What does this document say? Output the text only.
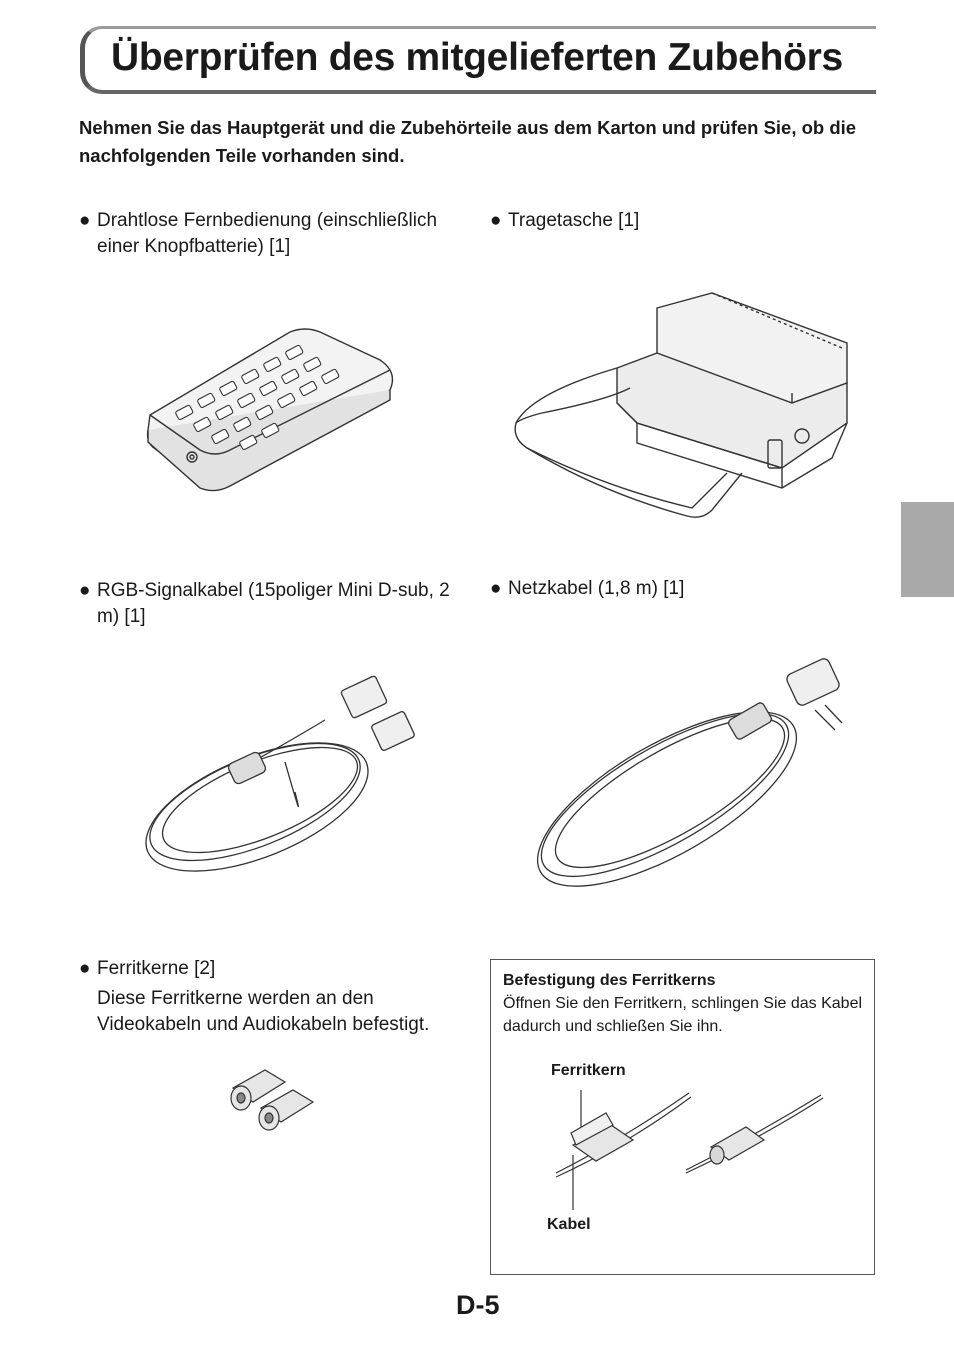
Überprüfen des mitgelieferten Zubehörs

Nehmen Sie das Hauptgerät und die Zubehörteile aus dem Karton und prüfen Sie, ob die nachfolgenden Teile vorhanden sind.

● Drahtlose Fernbedienung (einschließlich einer Knopfbatterie) [1]
● Tragetasche [1]
● RGB-Signalkabel (15poliger Mini D-sub, 2 m) [1]
● Netzkabel (1,8 m) [1]
● Ferritkerne [2]

Diese Ferritkerne werden an den Videokabeln und Audiokabeln befestigt.

Befestigung des Ferritkerns

Öffnen Sie den Ferritkern, schlingen Sie das Kabel dadurch und schließen Sie ihn.

Ferritkern
Kabel
D-5
